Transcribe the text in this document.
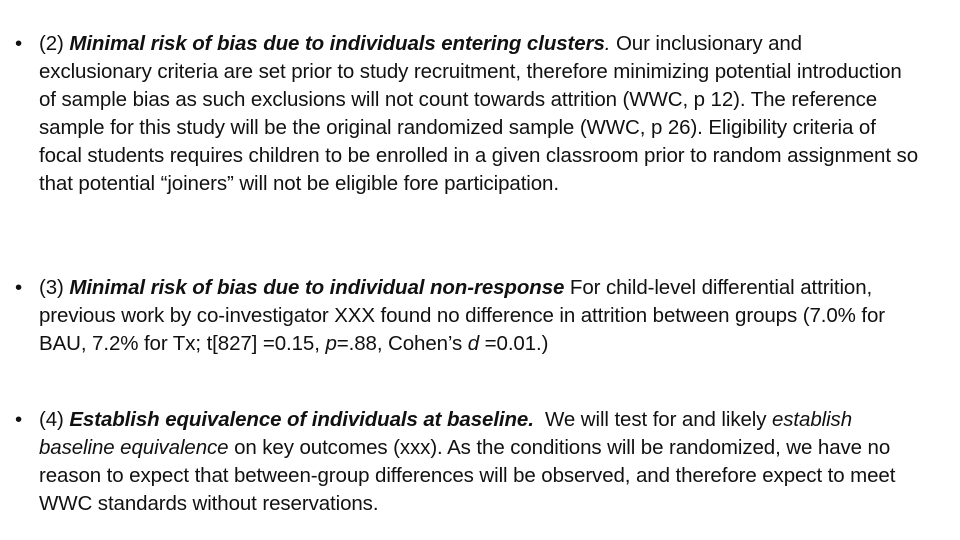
• (2) Minimal risk of bias due to individuals entering clusters. Our inclusionary and exclusionary criteria are set prior to study recruitment, therefore minimizing potential introduction of sample bias as such exclusions will not count towards attrition (WWC, p 12). The reference sample for this study will be the original randomized sample (WWC, p 26). Eligibility criteria of focal students requires children to be enrolled in a given classroom prior to random assignment so that potential “joiners” will not be eligible fore participation.
• (3) Minimal risk of bias due to individual non-response For child-level differential attrition, previous work by co-investigator XXX found no difference in attrition between groups (7.0% for BAU, 7.2% for Tx; t[827] =0.15, p=.88, Cohen’s d =0.01.)
• (4) Establish equivalence of individuals at baseline.  We will test for and likely establish baseline equivalence on key outcomes (xxx). As the conditions will be randomized, we have no reason to expect that between-group differences will be observed, and therefore expect to meet WWC standards without reservations.
